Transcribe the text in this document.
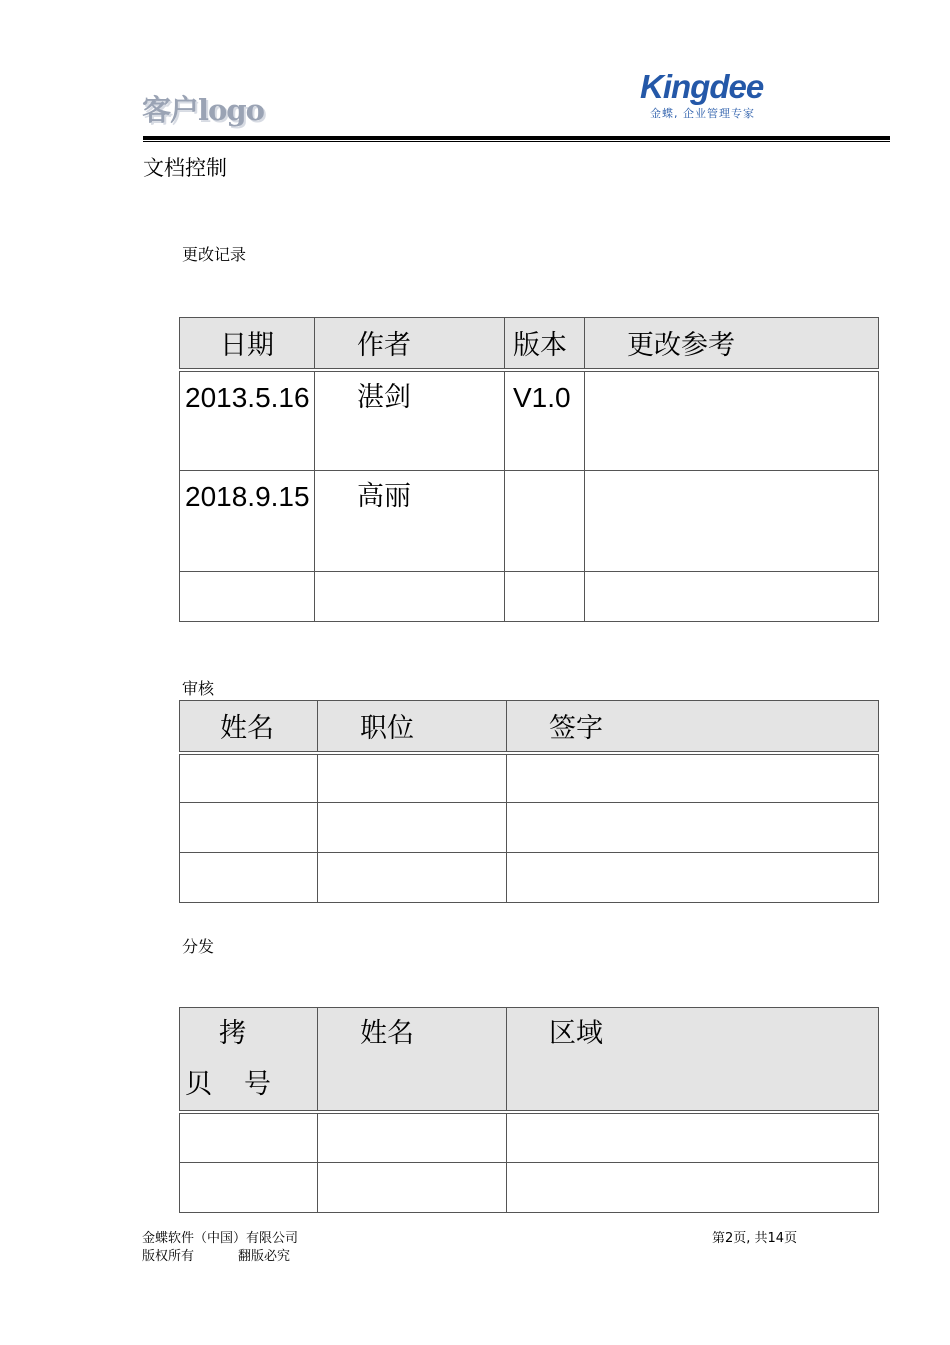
客户logo
Kingdee
金蝶, 企业管理专家
文档控制
更改记录
日期	作者	版本	更改参考

2013.5.16	湛剑	V1.0	

2018.9.15	高丽		

审核
姓名	职位	签字

分发
拷贝号	姓名	区域

金蝶软件（中国）有限公司
版权所有	翻版必究
第2页, 共14页
